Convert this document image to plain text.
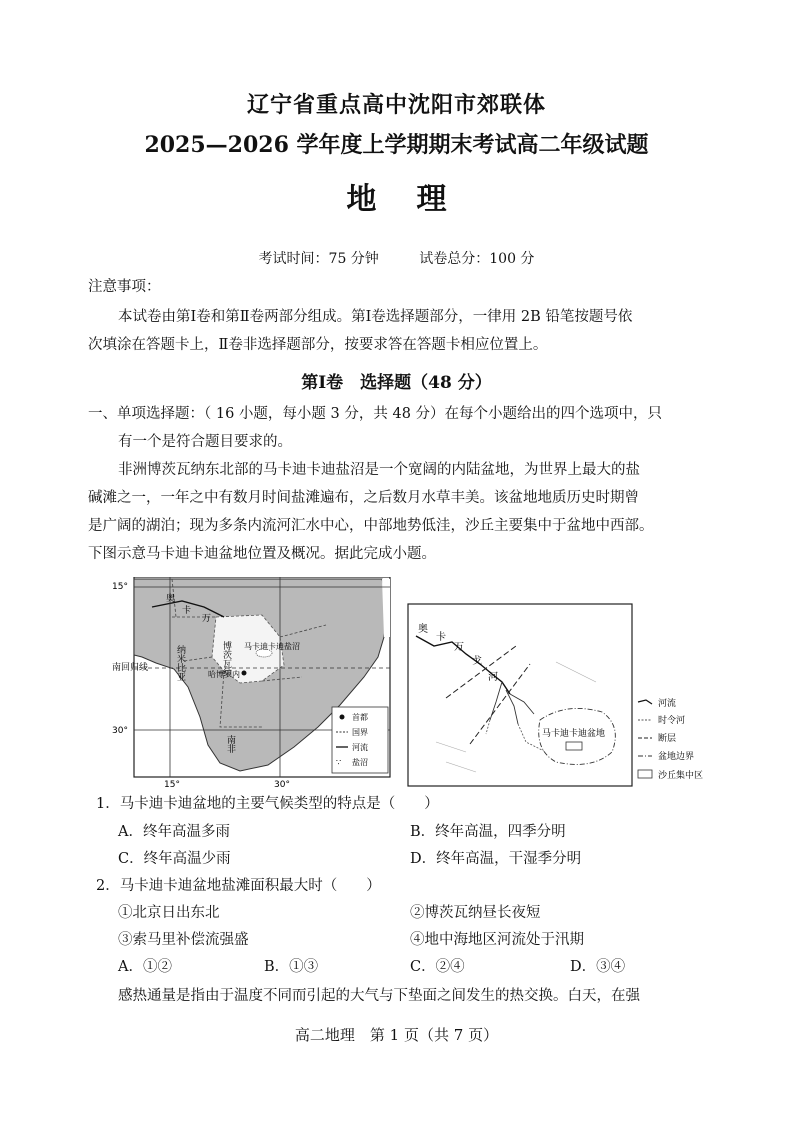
辽宁省重点高中沈阳市郊联体
2025—2026 学年度上学期期末考试高二年级试题
地理
考试时间：75 分钟	试卷总分：100 分
注意事项：
本试卷由第Ⅰ卷和第Ⅱ卷两部分组成。第Ⅰ卷选择题部分，一律用 2B 铅笔按题号依
次填涂在答题卡上，Ⅱ卷非选择题部分，按要求答在答题卡相应位置上。
第Ⅰ卷　选择题（48 分）
一、单项选择题：（ 16 小题，每小题 3 分，共 48 分）在每个小题给出的四个选项中，只
有一个是符合题目要求的。
非洲博茨瓦纳东北部的马卡迪卡迪盐沼是一个宽阔的内陆盆地，为世界上最大的盐
碱滩之一，一年之中有数月时间盐滩遍布，之后数月水草丰美。该盆地地质历史时期曾
是广阔的湖泊；现为多条内流河汇水中心，中部地势低洼，沙丘主要集中于盆地中西部。
下图示意马卡迪卡迪盆地位置及概况。据此完成小题。
15°
南回归线
30°
15°	30°
奥
卡
万
纳米比亚	博茨瓦纳 马卡迪卡迪盐沼
哈博罗内
南非
首都
国界
河流
∵ 盐沼
奥
卡
万
戈
河
马卡迪卡迪盆地
河流
时令河
断层
盆地边界
沙丘集中区
1．马卡迪卡迪盆地的主要气候类型的特点是（　　）
A．终年高温多雨	B．终年高温，四季分明
C．终年高温少雨	D．终年高温，干湿季分明
2．马卡迪卡迪盆地盐滩面积最大时（　　）
①北京日出东北	②博茨瓦纳昼长夜短
③索马里补偿流强盛	④地中海地区河流处于汛期
A．①②	B．①③	C．②④	D．③④
感热通量是指由于温度不同而引起的大气与下垫面之间发生的热交换。白天，在强
高二地理　第 1 页（共 7 页）
